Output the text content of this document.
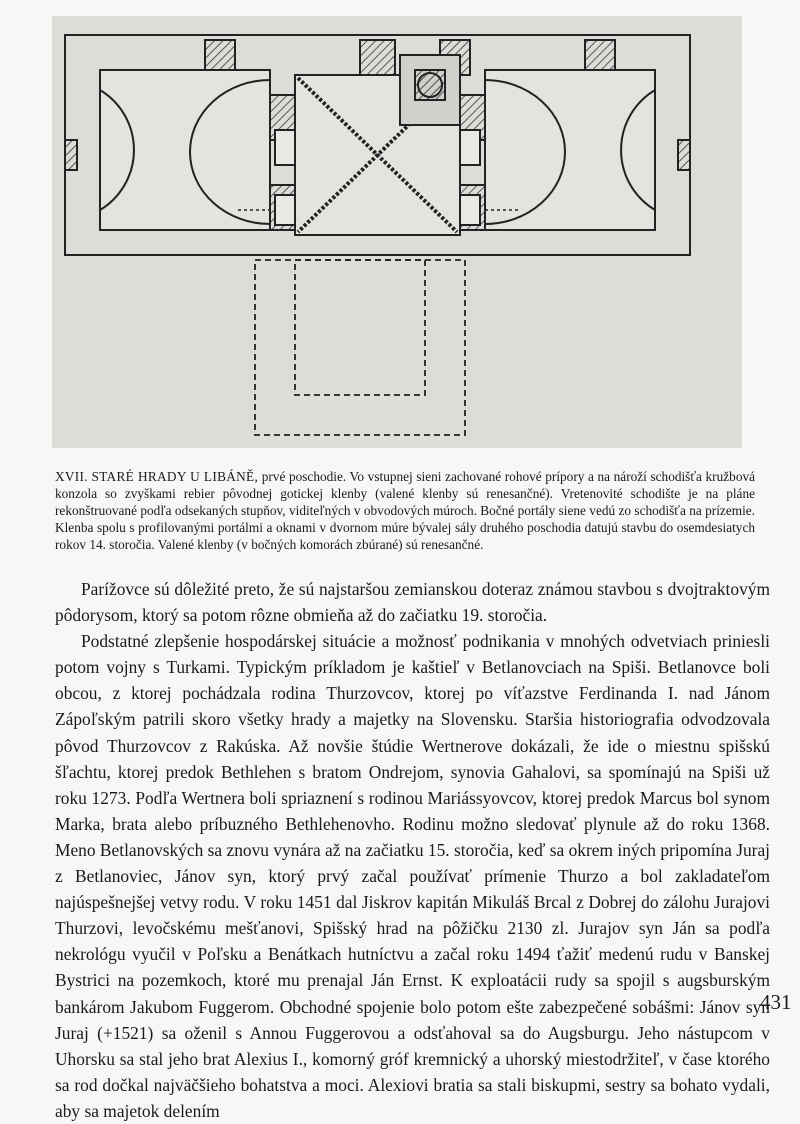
XVII. STARÉ HRADY U LIBÁNĚ, prvé poschodie. Vo vstupnej sieni zachované rohové prípory a na nároží schodišťa kružbová konzola so zvyškami rebier pôvodnej gotickej klenby (valené klenby sú renesančné). Vretenovité schodište je na pláne rekonštruované podľa odsekaných stupňov, viditeľných v obvodových múroch. Bočné portály siene vedú zo schodišťa na prízemie. Klenba spolu s profilovanými portálmi a oknami v dvornom múre bývalej sály druhého poschodia datujú stavbu do osemdesiatych rokov 14. storočia. Valené klenby (v bočných komorách zbúrané) sú renesančné.

Parížovce sú dôležité preto, že sú najstaršou zemianskou doteraz známou stavbou s dvojtraktovým pôdorysom, ktorý sa potom rôzne obmieňa až do začiatku 19. storočia.

Podstatné zlepšenie hospodárskej situácie a možnosť podnikania v mnohých odvetviach priniesli potom vojny s Turkami. Typickým príkladom je kaštieľ v Betlanovciach na Spiši. Betlanovce boli obcou, z ktorej pochádzala rodina Thurzovcov, ktorej po víťazstve Ferdinanda I. nad Jánom Zápoľským patrili skoro všetky hrady a majetky na Slovensku. Staršia historiografia odvodzovala pôvod Thurzovcov z Rakúska. Až novšie štúdie Wertnerove dokázali, že ide o miestnu spišskú šľachtu, ktorej predok Bethlehen s bratom Ondrejom, synovia Gahalovi, sa spomínajú na Spiši už roku 1273. Podľa Wertnera boli spriaznení s rodinou Mariássyovcov, ktorej predok Marcus bol synom Marka, brata alebo príbuzného Bethlehenovho. Rodinu možno sledovať plynule až do roku 1368. Meno Betlanovských sa znovu vynára až na začiatku 15. storočia, keď sa okrem iných pripomína Juraj z Betlanoviec, Jánov syn, ktorý prvý začal používať prímenie Thurzo a bol zakladateľom najúspešnejšej vetvy rodu. V roku 1451 dal Jiskrov kapitán Mikuláš Brcal z Dobrej do zálohu Jurajovi Thurzovi, levočskému mešťanovi, Spišský hrad na pôžičku 2130 zl. Jurajov syn Ján sa podľa nekrológu vyučil v Poľsku a Benátkach hutníctvu a začal roku 1494 ťažiť medenú rudu v Banskej Bystrici na pozemkoch, ktoré mu prenajal Ján Ernst. K exploatácii rudy sa spojil s augsburským bankárom Jakubom Fuggerom. Obchodné spojenie bolo potom ešte zabezpečené sobášmi: Jánov syn Juraj (+1521) sa oženil s Annou Fuggerovou a odsťahoval sa do Augsburgu. Jeho nástupcom v Uhorsku sa stal jeho brat Alexius I., komorný gróf kremnický a uhorský miestodržiteľ, v čase ktorého sa rod dočkal najväčšieho bohatstva a moci. Alexiovi bratia sa stali biskupmi, sestry sa bohato vydali, aby sa majetok delením

431
